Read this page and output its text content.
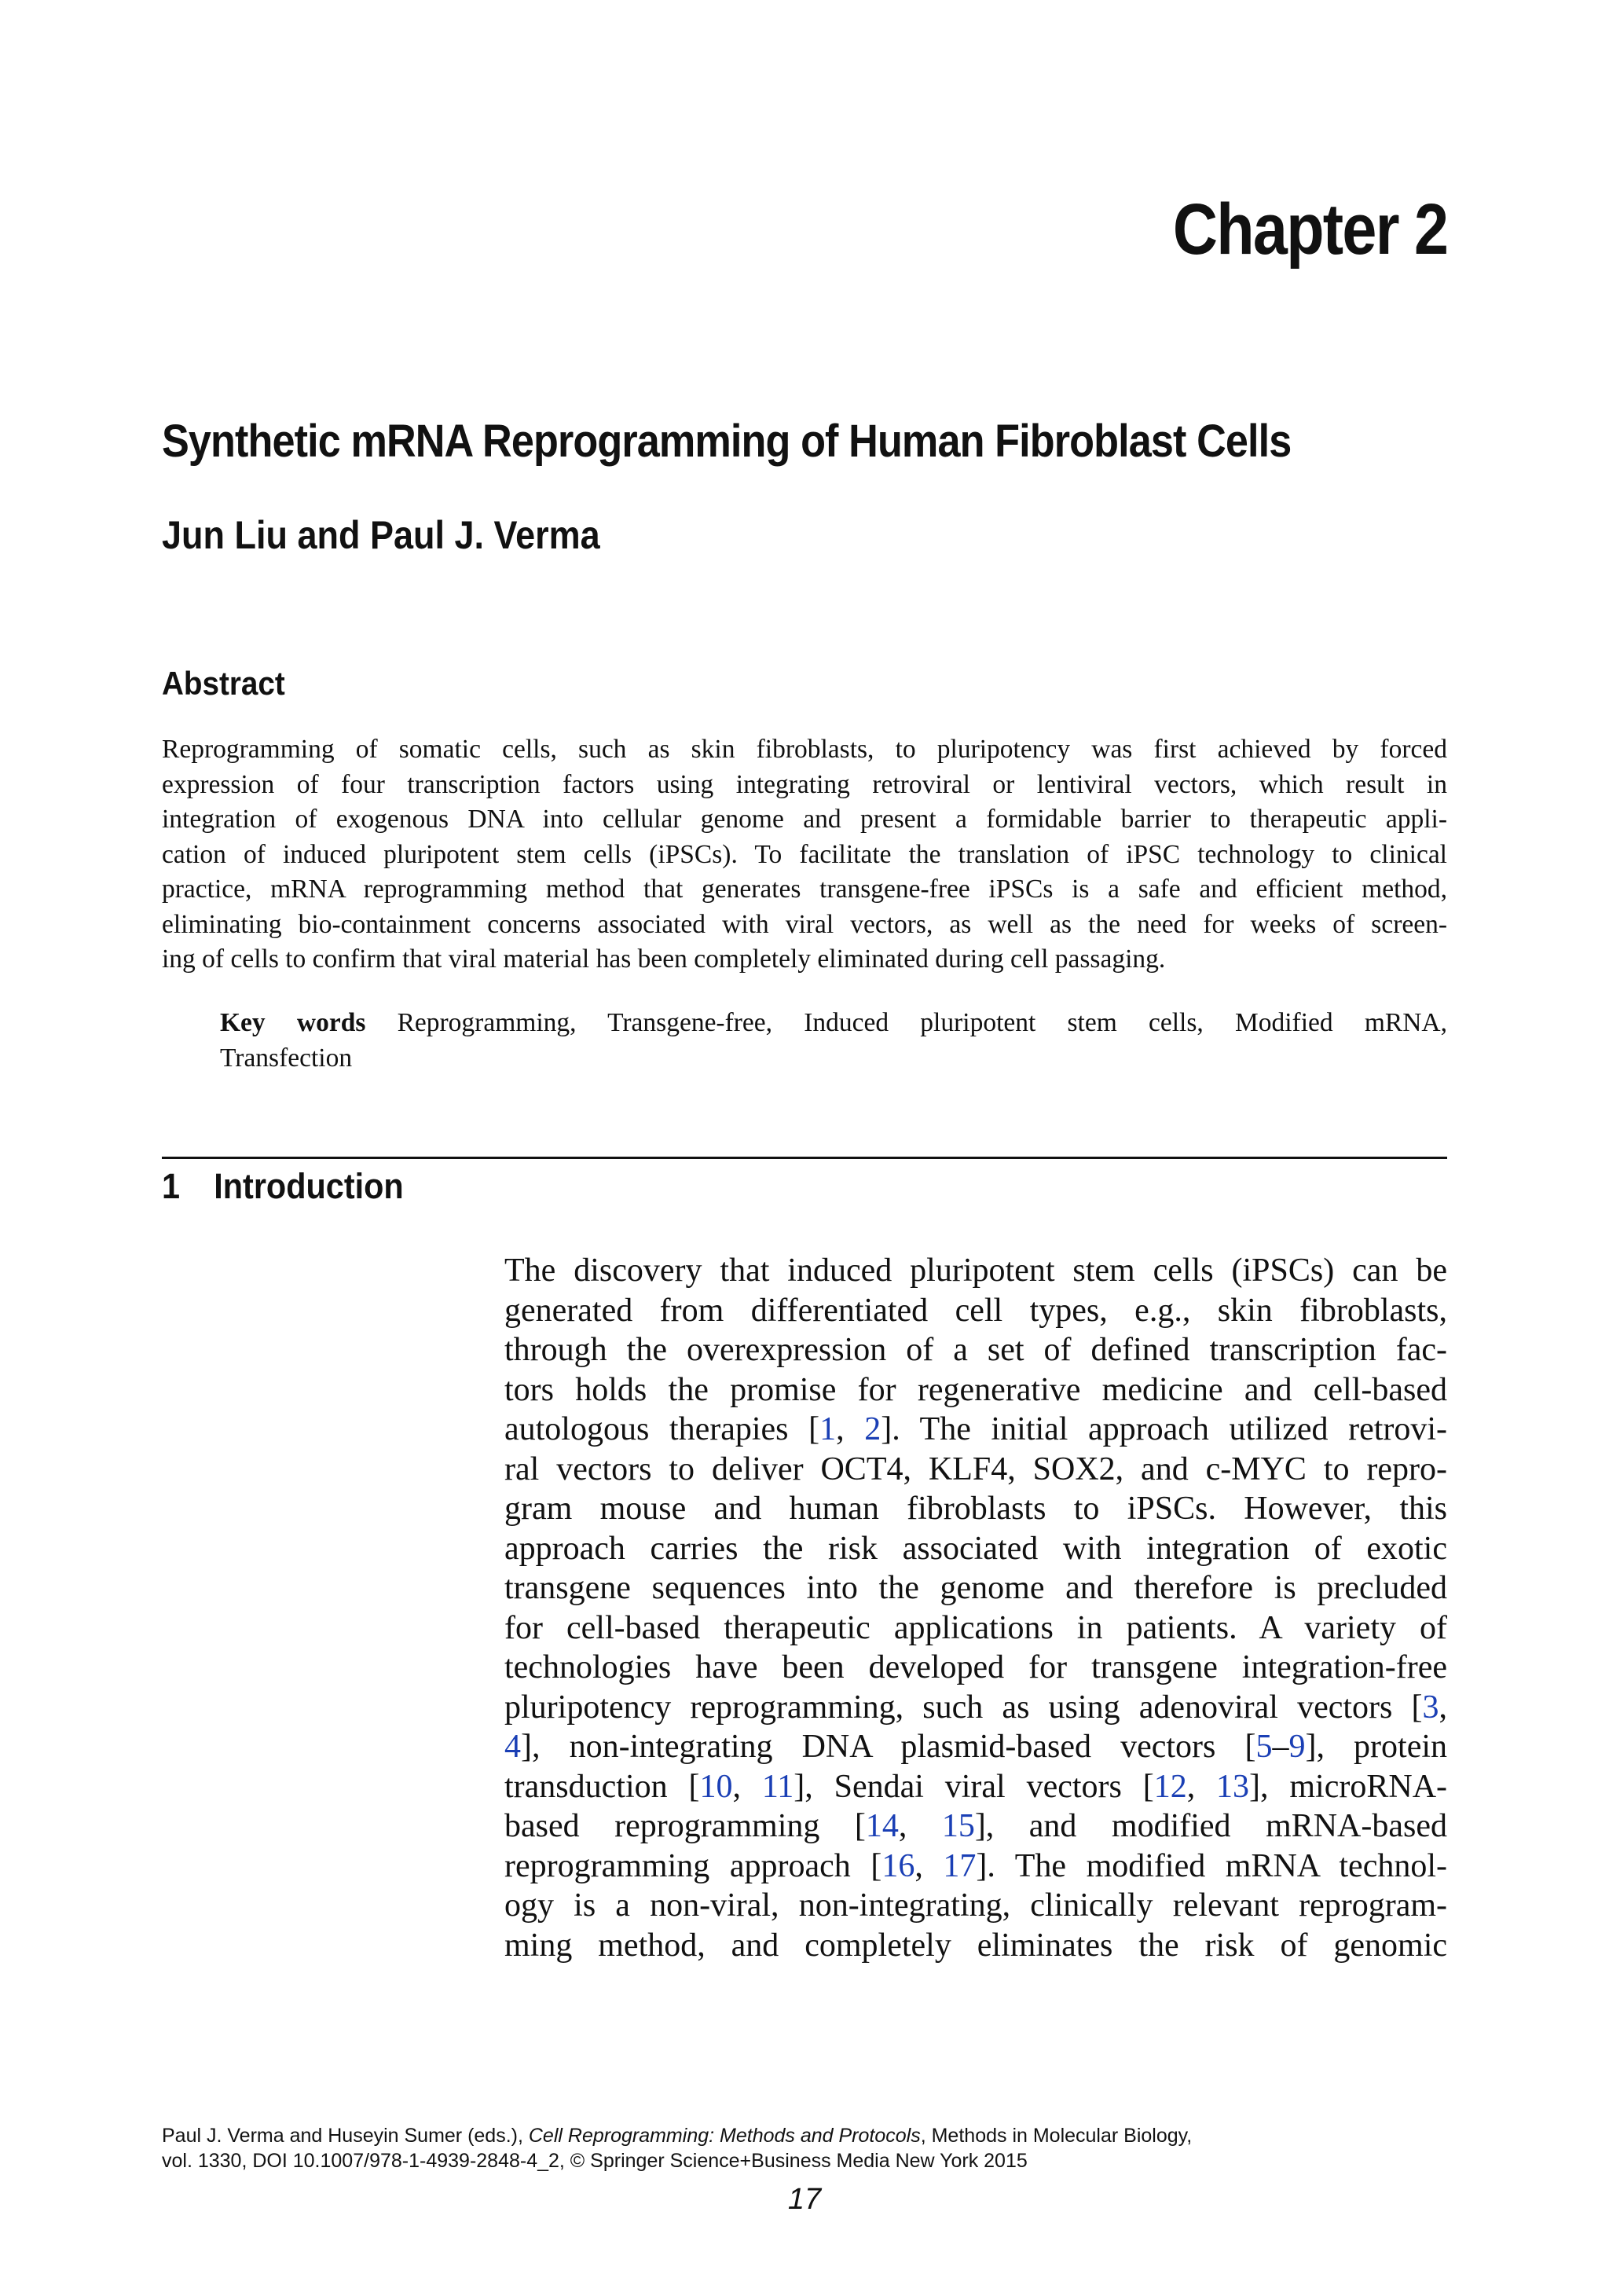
Chapter 2
Synthetic mRNA Reprogramming of Human Fibroblast Cells
Jun Liu and Paul J. Verma
Abstract
Reprogramming of somatic cells, such as skin fibroblasts, to pluripotency was first achieved by forced
expression of four transcription factors using integrating retroviral or lentiviral vectors, which result in
integration of exogenous DNA into cellular genome and present a formidable barrier to therapeutic appli-
cation of induced pluripotent stem cells (iPSCs). To facilitate the translation of iPSC technology to clinical
practice, mRNA reprogramming method that generates transgene-free iPSCs is a safe and efficient method,
eliminating bio-containment concerns associated with viral vectors, as well as the need for weeks of screen-
ing of cells to confirm that viral material has been completely eliminated during cell passaging.
Key words Reprogramming, Transgene-free, Induced pluripotent stem cells, Modified mRNA,
Transfection
1 Introduction
The discovery that induced pluripotent stem cells (iPSCs) can be
generated from differentiated cell types, e.g., skin fibroblasts,
through the overexpression of a set of defined transcription fac-
tors holds the promise for regenerative medicine and cell-based
autologous therapies [1, 2]. The initial approach utilized retrovi-
ral vectors to deliver OCT4, KLF4, SOX2, and c-MYC to repro-
gram mouse and human fibroblasts to iPSCs. However, this
approach carries the risk associated with integration of exotic
transgene sequences into the genome and therefore is precluded
for cell-based therapeutic applications in patients. A variety of
technologies have been developed for transgene integration-free
pluripotency reprogramming, such as using adenoviral vectors [3,
4], non-integrating DNA plasmid-based vectors [5–9], protein
transduction [10, 11], Sendai viral vectors [12, 13], microRNA-
based reprogramming [14, 15], and modified mRNA-based
reprogramming approach [16, 17]. The modified mRNA technol-
ogy is a non-viral, non-integrating, clinically relevant reprogram-
ming method, and completely eliminates the risk of genomic
Paul J. Verma and Huseyin Sumer (eds.), Cell Reprogramming: Methods and Protocols, Methods in Molecular Biology,
vol. 1330, DOI 10.1007/978-1-4939-2848-4_2, © Springer Science+Business Media New York 2015
17
